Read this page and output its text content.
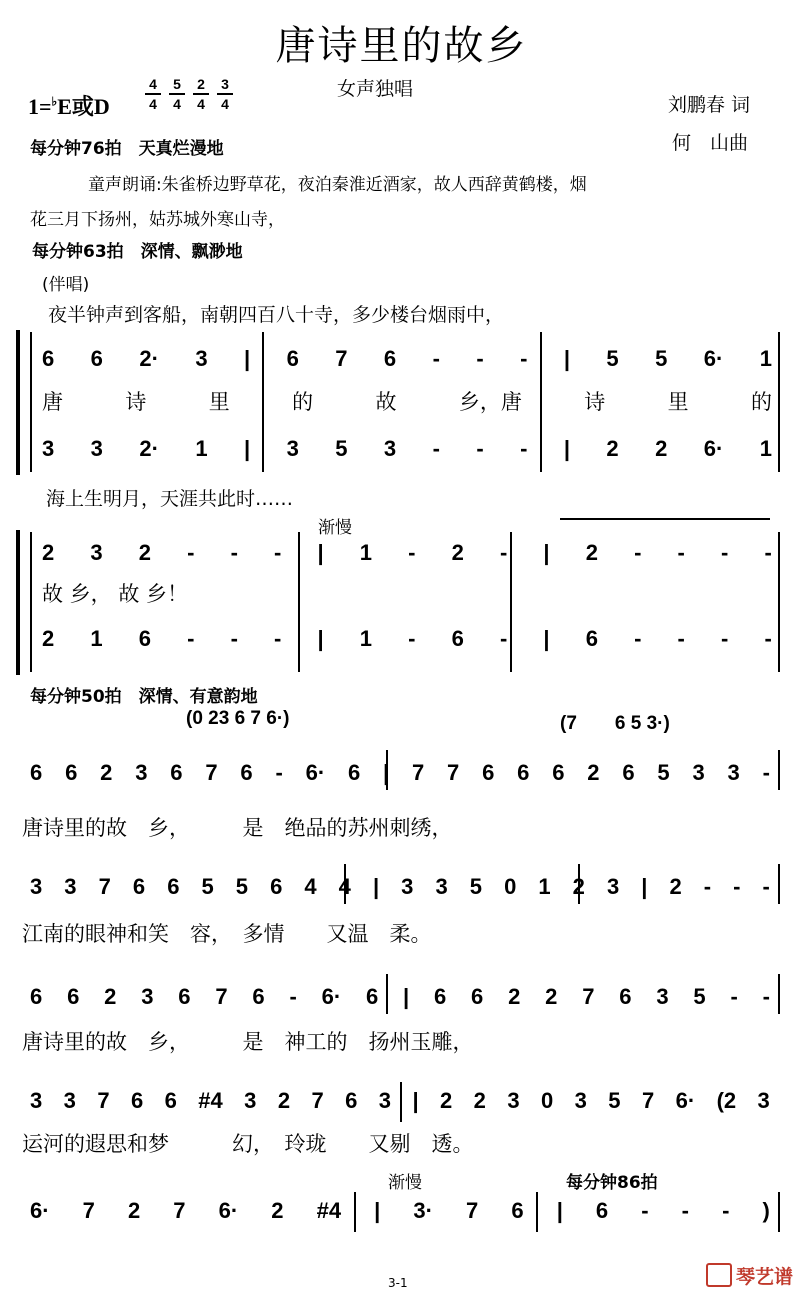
唐诗里的故乡
女声独唱
1=♭E或D
4
4
5
4
2
4
3
4	刘鹏春 词
何　山曲
每分钟76拍　天真烂漫地
童声朗诵:朱雀桥边野草花，夜泊秦淮近酒家，故人西辞黄鹤楼，烟
花三月下扬州，姑苏城外寒山寺，
每分钟63拍　深情、飘渺地
(伴唱)
夜半钟声到客船，南朝四百八十寺，多少楼台烟雨中，
6 6 2· 3 | 6 7 6 - - - | 5 5 6· 1
唐	诗	里	的	故	乡，唐	诗	里	的
3 3 2· 1 | 3 5 3 - - - | 2 2 6· 1
海上生明月，天涯共此时……
渐慢
2 3 2 - - - | 1 - 2 - | 2 - - - -
故 乡， 故 乡！
2 1 6 - - - | 1 - 6 - | 6 - - - -
每分钟50拍　深情、有意韵地
(0 23 6 7 6·)	(7　　6 5 3·)
6 6 2 3 6 7 6 - 6· 6 | 7 7 6 6 6 2 6 5 3 3 -
唐诗里的故　乡，　　　是　绝品的苏州刺绣，
3 3 7 6 6 5 5 6 4 4 | 3 3 5 0 1 2 3 | 2 - - -
江南的眼神和笑　容，　多情　　又温　柔。
6 6 2 3 6 7 6 - 6· 6 | 6 6 2 2 7 6 3 5 - -
唐诗里的故　乡，　　　是　神工的　扬州玉雕，
3 3 7 6 6 #4 3 2 7 6 3 | 2 2 3 0 3 5 7 6· (2 3
运河的遐思和梦　　　幻，　玲珑　　又剔　透。
渐慢	每分钟86拍
6· 7 2 7 6· 2 #4 | 3· 7 6 | 6 - - - )
3-1	琴艺谱
